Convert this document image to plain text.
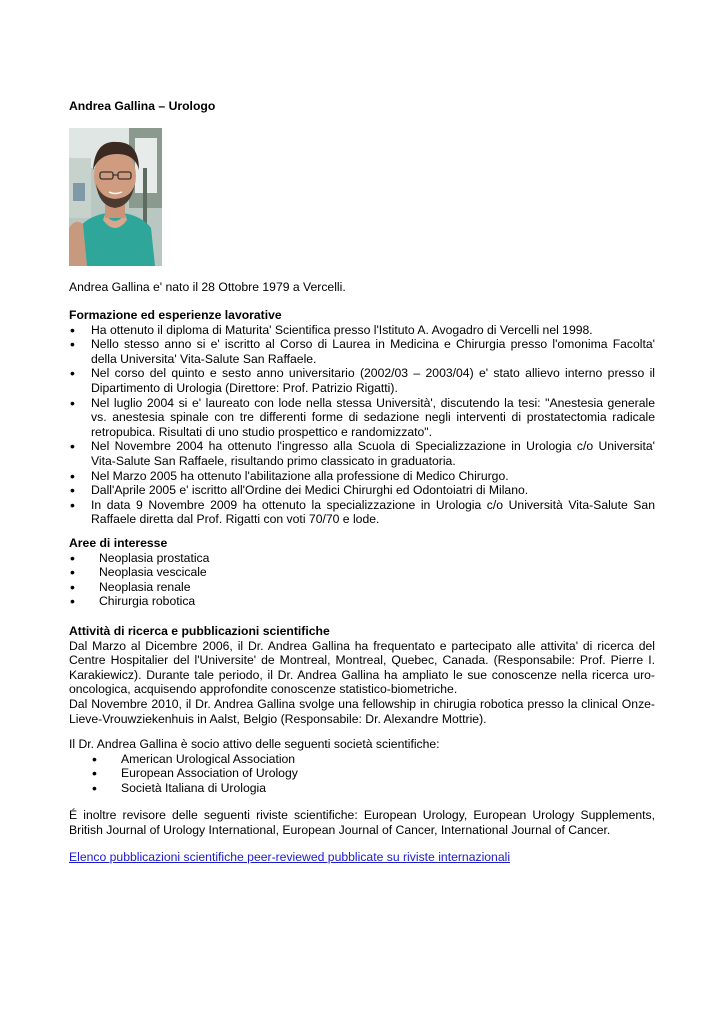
Andrea Gallina – Urologo
Andrea Gallina e' nato il 28 Ottobre 1979 a Vercelli.
Formazione ed esperienze lavorative
• Ha ottenuto il diploma di Maturita' Scientifica presso l'Istituto A. Avogadro di Vercelli nel 1998.
• Nello stesso anno si e' iscritto al Corso di Laurea in Medicina e Chirurgia presso l'omonima Facolta' della Universita' Vita-Salute San Raffaele.
• Nel corso del quinto e sesto anno universitario (2002/03 – 2003/04) e' stato allievo interno presso il Dipartimento di Urologia (Direttore: Prof. Patrizio Rigatti).
• Nel luglio 2004 si e' laureato con lode nella stessa Università', discutendo la tesi: "Anestesia generale vs. anestesia spinale con tre differenti forme di sedazione negli interventi di prostatectomia radicale retropubica. Risultati di uno studio prospettico e randomizzato".
• Nel Novembre 2004 ha ottenuto l'ingresso alla Scuola di Specializzazione in Urologia c/o Universita' Vita-Salute San Raffaele, risultando primo classicato in graduatoria.
• Nel Marzo 2005 ha ottenuto l'abilitazione alla professione di Medico Chirurgo.
• Dall'Aprile 2005 e' iscritto all'Ordine dei Medici Chirurghi ed Odontoiatri di Milano.
• In data 9 Novembre 2009 ha ottenuto la specializzazione in Urologia c/o Università Vita-Salute San Raffaele diretta dal Prof. Rigatti con voti 70/70 e lode.
Aree di interesse
• Neoplasia prostatica
• Neoplasia vescicale
• Neoplasia renale
• Chirurgia robotica
Attività di ricerca e pubblicazioni scientifiche

Dal Marzo al Dicembre 2006, il Dr. Andrea Gallina ha frequentato e partecipato alle attivita' di ricerca del Centre Hospitalier del l'Universite' de Montreal, Montreal, Quebec, Canada. (Responsabile: Prof. Pierre I. Karakiewicz). Durante tale periodo, il Dr. Andrea Gallina ha ampliato le sue conoscenze nella ricerca uro-oncologica, acquisendo approfondite conoscenze statistico-biometriche.

Dal Novembre 2010, il Dr. Andrea Gallina svolge una fellowship in chirugia robotica presso la clinical Onze-Lieve-Vrouwziekenhuis in Aalst, Belgio (Responsabile: Dr. Alexandre Mottrie).

Il Dr. Andrea Gallina è socio attivo delle seguenti società scientifiche:
• American Urological Association
• European Association of Urology
• Società Italiana di Urologia

É inoltre revisore delle seguenti riviste scientifiche: European Urology, European Urology Supplements, British Journal of Urology International, European Journal of Cancer, International Journal of Cancer.

Elenco pubblicazioni scientifiche peer-reviewed pubblicate su riviste internazionali
